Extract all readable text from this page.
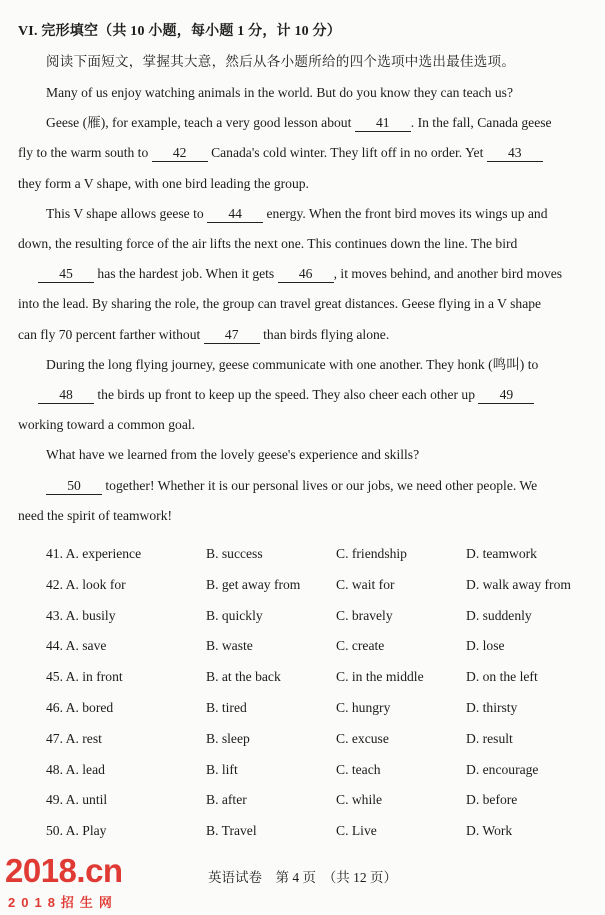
VI. 完形填空（共 10 小题，每小题 1 分，计 10 分）
阅读下面短文，掌握其大意，然后从各小题所给的四个选项中选出最佳选项。
Many of us enjoy watching animals in the world. But do you know they can teach us?
Geese (雁), for example, teach a very good lesson about 41 . In the fall, Canada geese
fly to the warm south to 42 Canada's cold winter. They lift off in no order. Yet 43
they form a V shape, with one bird leading the group.
This V shape allows geese to 44 energy. When the front bird moves its wings up and
down, the resulting force of the air lifts the next one. This continues down the line. The bird
45 has the hardest job. When it gets 46 , it moves behind, and another bird moves
into the lead. By sharing the role, the group can travel great distances. Geese flying in a V shape
can fly 70 percent farther without 47 than birds flying alone.
During the long flying journey, geese communicate with one another. They honk (鸣叫) to
48 the birds up front to keep up the speed. They also cheer each other up 49
working toward a common goal.
What have we learned from the lovely geese's experience and skills?
50 together! Whether it is our personal lives or our jobs, we need other people. We
need the spirit of teamwork!
41. A. experience	B. success	C. friendship	D. teamwork
42. A. look for	B. get away from	C. wait for	D. walk away from
43. A. busily	B. quickly	C. bravely	D. suddenly
44. A. save	B. waste	C. create	D. lose
45. A. in front	B. at the back	C. in the middle	D. on the left
46. A. bored	B. tired	C. hungry	D. thirsty
47. A. rest	B. sleep	C. excuse	D. result
48. A. lead	B. lift	C. teach	D. encourage
49. A. until	B. after	C. while	D. before
50. A. Play	B. Travel	C. Live	D. Work
英语试卷　第 4 页　（共 12 页）
2018.cn
2018招生网
